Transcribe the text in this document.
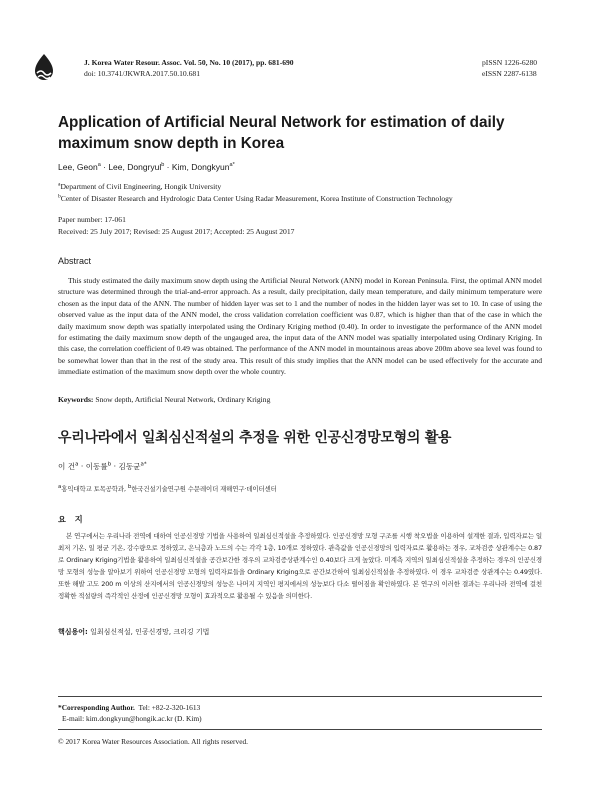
J. Korea Water Resour. Assoc. Vol. 50, No. 10 (2017), pp. 681-690
doi: 10.3741/JKWRA.2017.50.10.681
pISSN 1226-6280
eISSN 2287-6138
Application of Artificial Neural Network for estimation of daily maximum snow depth in Korea
Lee, Geon$^a$ · Lee, Dongryul$^b$ · Kim, Dongkyun$^{a*}$
$^a$Department of Civil Engineering, Hongik University
$^b$Center of Disaster Research and Hydrologic Data Center Using Radar Measurement, Korea Institute of Construction Technology
Paper number: 17-061
Received: 25 July 2017; Revised: 25 August 2017; Accepted: 25 August 2017
Abstract
This study estimated the daily maximum snow depth using the Artificial Neural Network (ANN) model in Korean Peninsula. First, the optimal ANN model structure was determined through the trial-and-error approach. As a result, daily precipitation, daily mean temperature, and daily minimum temperature were chosen as the input data of the ANN. The number of hidden layer was set to 1 and the number of nodes in the hidden layer was set to 10. In case of using the observed value as the input data of the ANN model, the cross validation correlation coefficient was 0.87, which is higher than that of the case in which the daily maximum snow depth was spatially interpolated using the Ordinary Kriging method (0.40). In order to investigate the performance of the ANN model for estimating the daily maximum snow depth of the ungauged area, the input data of the ANN model was spatially interpolated using Ordinary Kriging. In this case, the correlation coefficient of 0.49 was obtained. The performance of the ANN model in mountainous areas above 200m above sea level was found to be somewhat lower than that in the rest of the study area. This result of this study implies that the ANN model can be used effectively for the accurate and immediate estimation of the maximum snow depth over the whole country.
Keywords: Snow depth, Artificial Neural Network, Ordinary Kriging
우리나라에서 일최심신적설의 추정을 위한 인공신경망모형의 활용
이 건$^a$ · 이동률$^b$ · 김동균$^{a*}$
$^a$홍익대학교 토목공학과, $^b$한국건설기술연구원 수문레이더 재해연구·데이터센터
요 지
본 연구에서는 우리나라 전역에 대하여 인공신경망 기법을 사용하여 일최심신적설을 추정하였다. 인공신경망 모형 구조를 시행 착오법을 이용하여 설계한 결과, 입력자료는 일 최저 기온, 일 평균 기온, 강수량으로 정하였고, 은닉층과 노드의 수는 각각 1층, 10개로 정하였다. 관측값을 인공신경망의 입력자료로 활용하는 경우, 교차검증 상관계수는 0.87로 Ordinary Kriging기법을 활용하여 일최심신적설을 공간보간한 경우의 교차검증상관계수인 0.40보다 크게 높았다. 미계측 지역의 일최심신적설을 추정하는 경우의 인공신경망 모형의 성능을 알아보기 위하여 인공신경망 모형의 입력자료들을 Ordinary Kriging으로 공간보간하여 일최심신적설을 추정하였다. 이 경우 교차검증 상관계수는 0.49였다. 또한 해발 고도 200 m 이상의 산지에서의 인공신경망의 성능은 나머지 지역인 평지에서의 성능보다 다소 떨어짐을 확인하였다. 본 연구의 이러한 결과는 우리나라 전역에 걸친 정확한 적설량의 즉각적인 산정에 인공신경망 모형이 효과적으로 활용될 수 있음을 의미한다.
핵심용어: 일최심신적설, 인공신경망, 크리깅 기법
*Corresponding Author. Tel: +82-2-320-1613
E-mail: kim.dongkyun@hongik.ac.kr (D. Kim)
© 2017 Korea Water Resources Association. All rights reserved.
